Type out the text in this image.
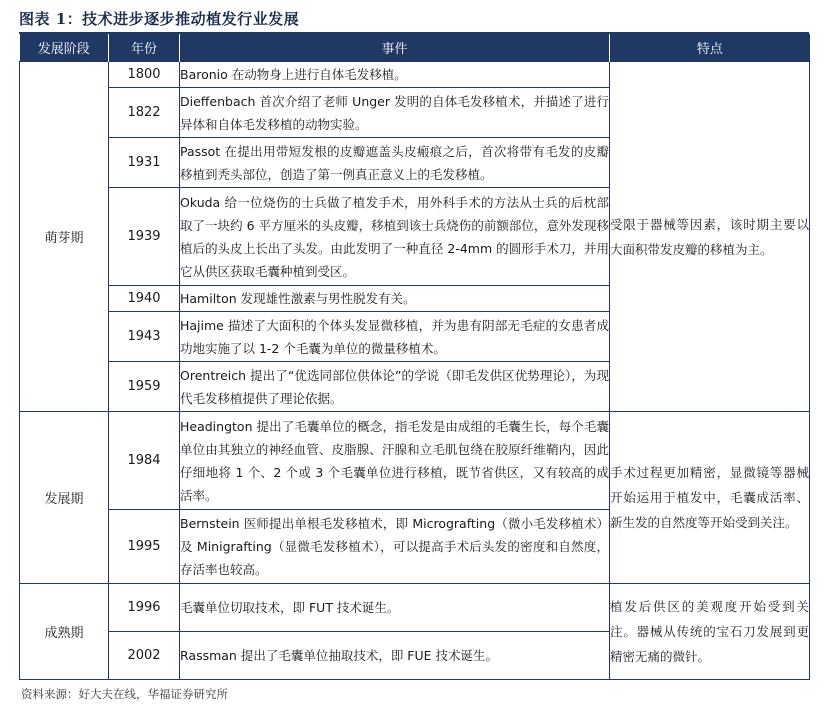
图表 1：技术进步逐步推动植发行业发展
发展阶段	年份	事件	特点
萌芽期	1800	Baronio 在动物身上进行自体毛发移植。	受限于器械等因素，该时期主要以大面积带发皮瓣的移植为主。
	1822	Dieffenbach 首次介绍了老师 Unger 发明的自体毛发移植术，并描述了进行异体和自体毛发移植的动物实验。	
	1931	Passot 在提出用带短发根的皮瓣遮盖头皮瘢痕之后，首次将带有毛发的皮瓣移植到秃头部位，创造了第一例真正意义上的毛发移植。	
	1939	Okuda 给一位烧伤的士兵做了植发手术，用外科手术的方法从士兵的后枕部取了一块约 6 平方厘米的头皮瓣，移植到该士兵烧伤的前额部位，意外发现移植后的头皮上长出了头发。由此发明了一种直径 2-4mm 的圆形手术刀，并用它从供区获取毛囊种植到受区。	
	1940	Hamilton 发现雄性激素与男性脱发有关。	
	1943	Hajime 描述了大面积的个体头发显微移植，并为患有阴部无毛症的女患者成功地实施了以 1-2 个毛囊为单位的微量移植术。	
	1959	Orentreich 提出了“优选同部位供体论”的学说（即毛发供区优势理论），为现代毛发移植提供了理论依据。	
发展期	1984	Headington 提出了毛囊单位的概念，指毛发是由成组的毛囊生长，每个毛囊单位由其独立的神经血管、皮脂腺、汗腺和立毛肌包绕在胶原纤维鞘内，因此仔细地将 1 个、2 个或 3 个毛囊单位进行移植，既节省供区，又有较高的成活率。	手术过程更加精密，显微镜等器械开始运用于植发中，毛囊成活率、新生发的自然度等开始受到关注。
	1995	Bernstein 医师提出单根毛发移植术，即 Micrografting（微小毛发移植术）及 Minigrafting（显微毛发移植术），可以提高手术后头发的密度和自然度，存活率也较高。	
成熟期	1996	毛囊单位切取技术，即 FUT 技术诞生。	植发后供区的美观度开始受到关注。器械从传统的宝石刀发展到更精密无痛的微针。
	2002	Rassman 提出了毛囊单位抽取技术，即 FUE 技术诞生。	
资料来源：好大夫在线，华福证券研究所
